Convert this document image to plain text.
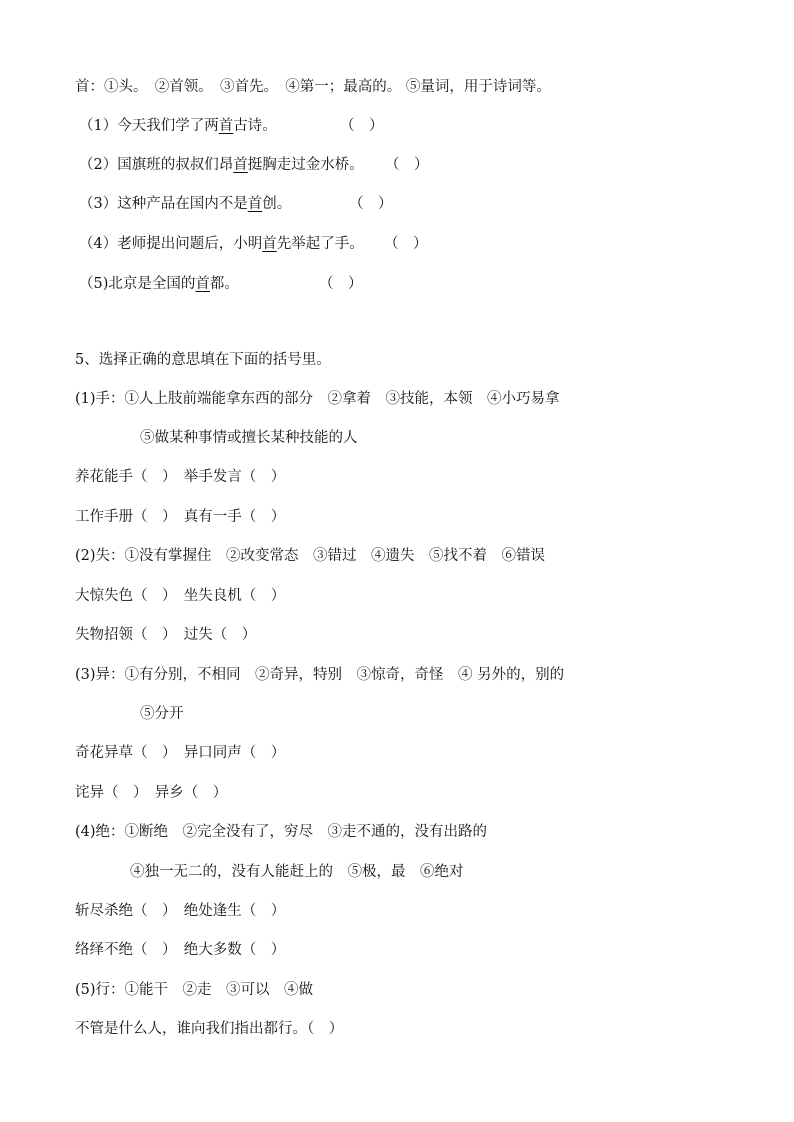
首：①头。　②首领。　③首先。　④第一；最高的。 ⑤量词，用于诗词等。
（1）今天我们学了两首古诗。	（　）
（2）国旗班的叔叔们昂首挺胸走过金水桥。 （　）
（3）这种产品在国内不是首创。	（　）
（4）老师提出问题后，小明首先举起了手。 （　）
（5)北京是全国的首都。	（　）
5、选择正确的意思填在下面的括号里。
(1)手：①人上肢前端能拿东西的部分　②拿着　③技能，本领　④小巧易拿
⑤做某种事情或擅长某种技能的人
养花能手（　）　举手发言（　）
工作手册（　）　真有一手（　）
(2)失：①没有掌握住　②改变常态　③错过　④遗失　⑤找不着　⑥错误
大惊失色（　）　坐失良机（　）
失物招领（　）　过失（　）
(3)异：①有分别，不相同　②奇异，特别　③惊奇，奇怪　④ 另外的，别的
⑤分开
奇花异草（　）　异口同声（　）
诧异（　）　异乡（　）
(4)绝：①断绝　②完全没有了，穷尽　③走不通的，没有出路的
④独一无二的，没有人能赶上的　⑤极，最　⑥绝对
斩尽杀绝（　）　绝处逢生（　）
络绎不绝（　）　绝大多数（　）
(5)行：①能干　②走　③可以　④做
不管是什么人，谁向我们指出都行。（　）
